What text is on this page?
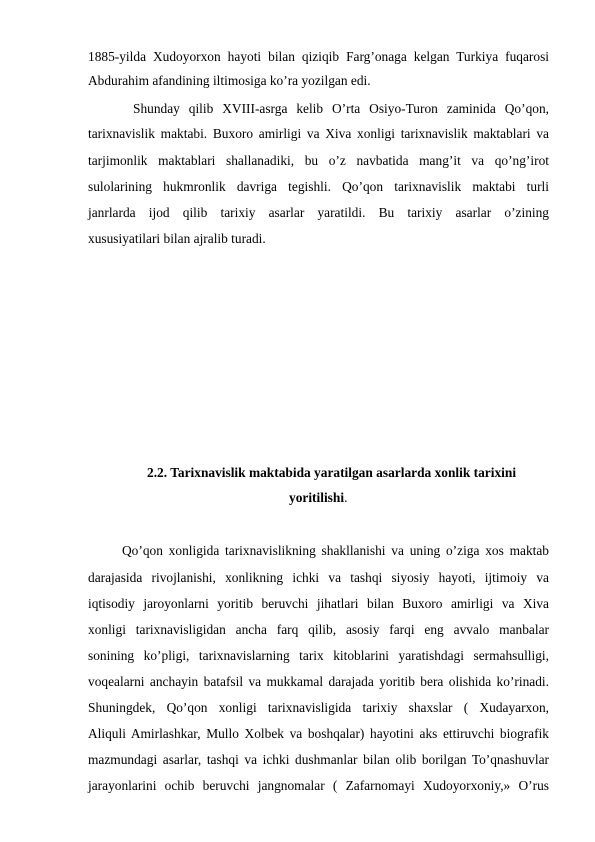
1885-yilda Xudoyorxon hayoti bilan qiziqib Farg’onaga kelgan Turkiya fuqarosi
Abdurahim afandining iltimosiga ko’ra yozilgan edi.
Shunday qilib XVIII-asrga kelib O’rta Osiyo-Turon zaminida Qo’qon,
tarixnavislik maktabi. Buxoro amirligi va Xiva xonligi tarixnavislik maktablari va
tarjimonlik maktablari shallanadiki, bu o’z navbatida mang’it va qo’ng’irot
sulolarining hukmronlik davriga tegishli. Qo’qon tarixnavislik maktabi turli
janrlarda ijod qilib tarixiy asarlar yaratildi. Bu tarixiy asarlar o’zining
xususiyatilari bilan ajralib turadi.
2.2. Tarixnavislik maktabida yaratilgan asarlarda xonlik tarixini
yoritilishi.
Qo’qon xonligida tarixnavislikning shakllanishi va uning o’ziga xos maktab
darajasida rivojlanishi, xonlikning ichki va tashqi siyosiy hayoti, ijtimoiy va
iqtisodiy jaroyonlarni yoritib beruvchi jihatlari bilan Buxoro amirligi va Xiva
xonligi tarixnavisligidan ancha farq qilib, asosiy farqi eng avvalo manbalar
sonining ko’pligi, tarixnavislarning tarix kitoblarini yaratishdagi sermahsulligi,
voqealarni anchayin batafsil va mukkamal darajada yoritib bera olishida ko’rinadi.
Shuningdek, Qo’qon xonligi tarixnavisligida tarixiy shaxslar ( Xudayarxon,
Aliquli Amirlashkar, Mullo Xolbek va boshqalar) hayotini aks ettiruvchi biografik
mazmundagi asarlar, tashqi va ichki dushmanlar bilan olib borilgan To’qnashuvlar
jarayonlarini ochib beruvchi jangnomalar ( Zafarnomayi Xudoyorxoniy,» O’rus
